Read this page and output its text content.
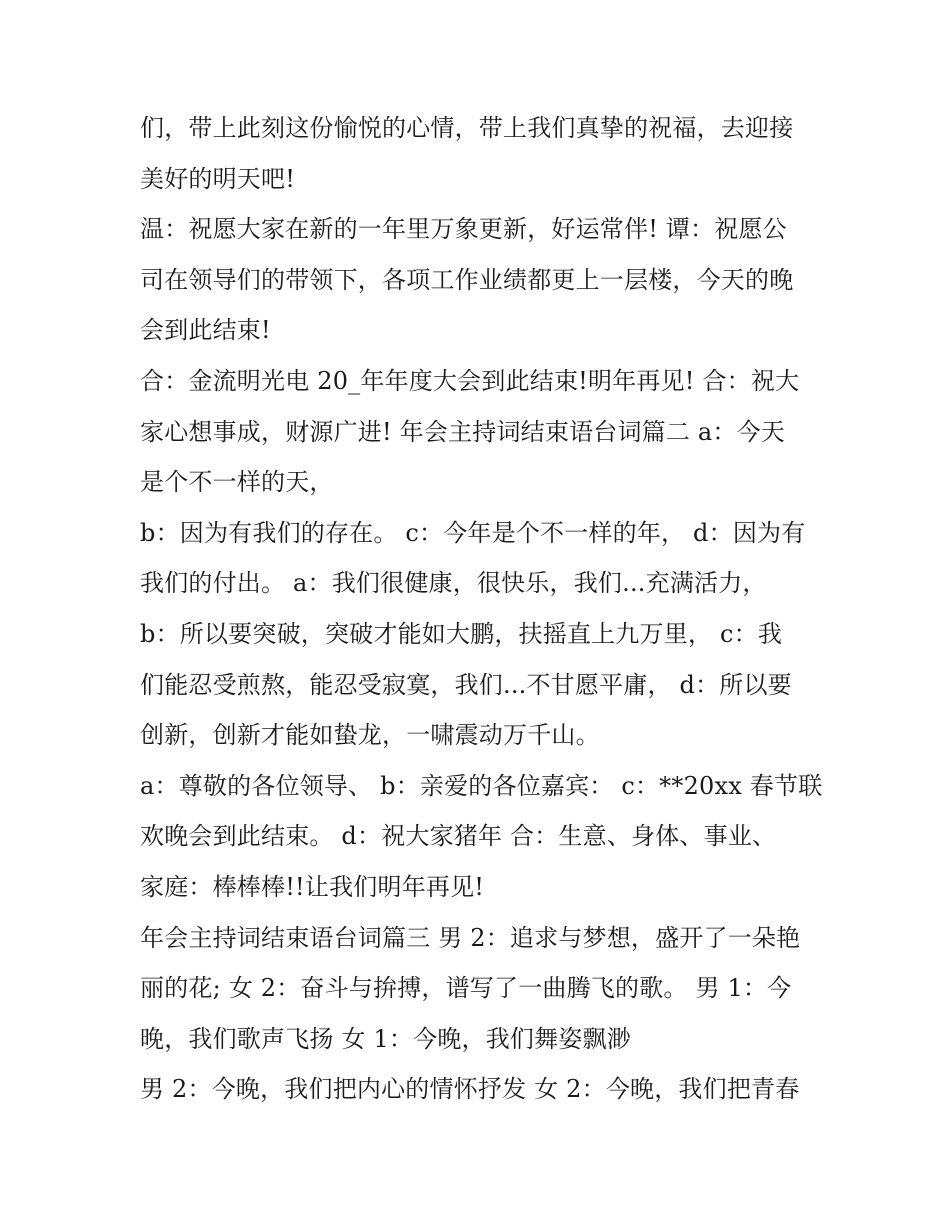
们，带上此刻这份愉悦的心情，带上我们真挚的祝福，去迎接
美好的明天吧!
温：祝愿大家在新的一年里万象更新，好运常伴! 谭：祝愿公
司在领导们的带领下，各项工作业绩都更上一层楼，今天的晚
会到此结束!
合：金流明光电 20_年年度大会到此结束!明年再见! 合：祝大
家心想事成，财源广进! 年会主持词结束语台词篇二 a：今天
是个不一样的天，
b：因为有我们的存在。 c：今年是个不一样的年， d：因为有
我们的付出。 a：我们很健康，很快乐，我们...充满活力，
b：所以要突破，突破才能如大鹏，扶摇直上九万里， c：我
们能忍受煎熬，能忍受寂寞，我们...不甘愿平庸， d：所以要
创新，创新才能如蛰龙，一啸震动万千山。
a：尊敬的各位领导、 b：亲爱的各位嘉宾： c：**20xx 春节联
欢晚会到此结束。 d：祝大家猪年 合：生意、身体、事业、
家庭：棒棒棒!!让我们明年再见!
年会主持词结束语台词篇三 男 2：追求与梦想，盛开了一朵艳
丽的花; 女 2：奋斗与拚搏，谱写了一曲腾飞的歌。 男 1：今
晚，我们歌声飞扬 女 1：今晚，我们舞姿飘渺
男 2：今晚，我们把内心的情怀抒发 女 2：今晚，我们把青春
